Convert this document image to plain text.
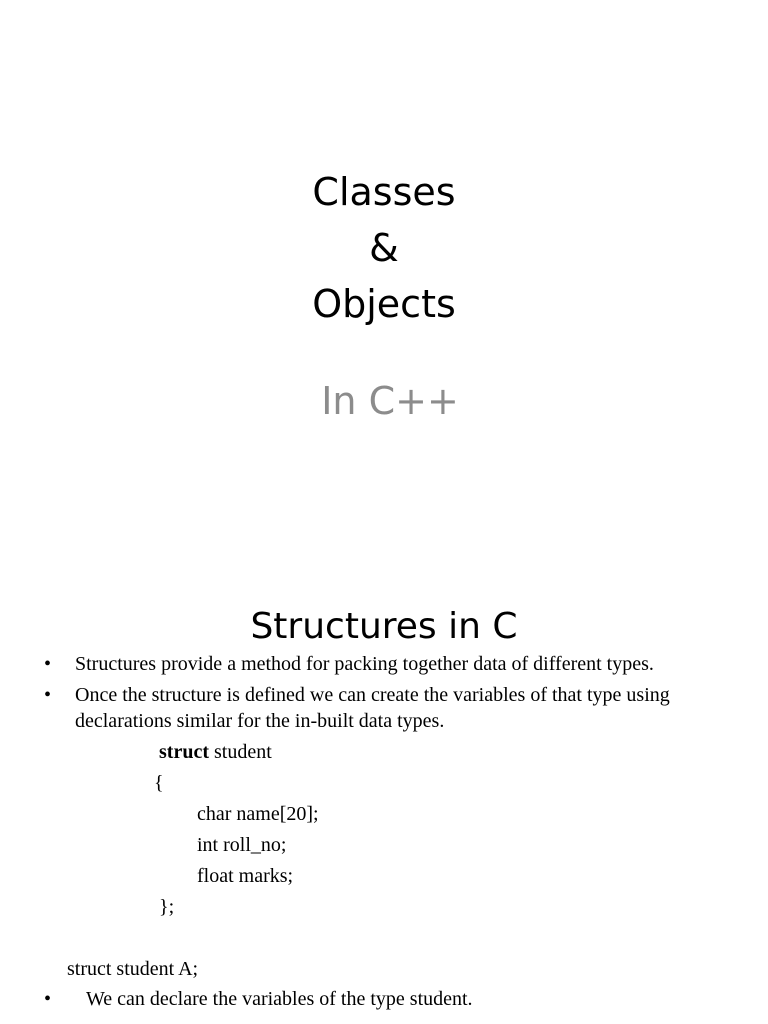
Classes
&
Objects
In C++
Structures in C
• Structures provide a method for packing together data of different types.
• Once the structure is defined we can create the variables of that type using declarations similar for the in-built data types.
struct student
{
char name[20];
int roll_no;
float marks;
};
struct student A;
• We can declare the variables of the type student.
